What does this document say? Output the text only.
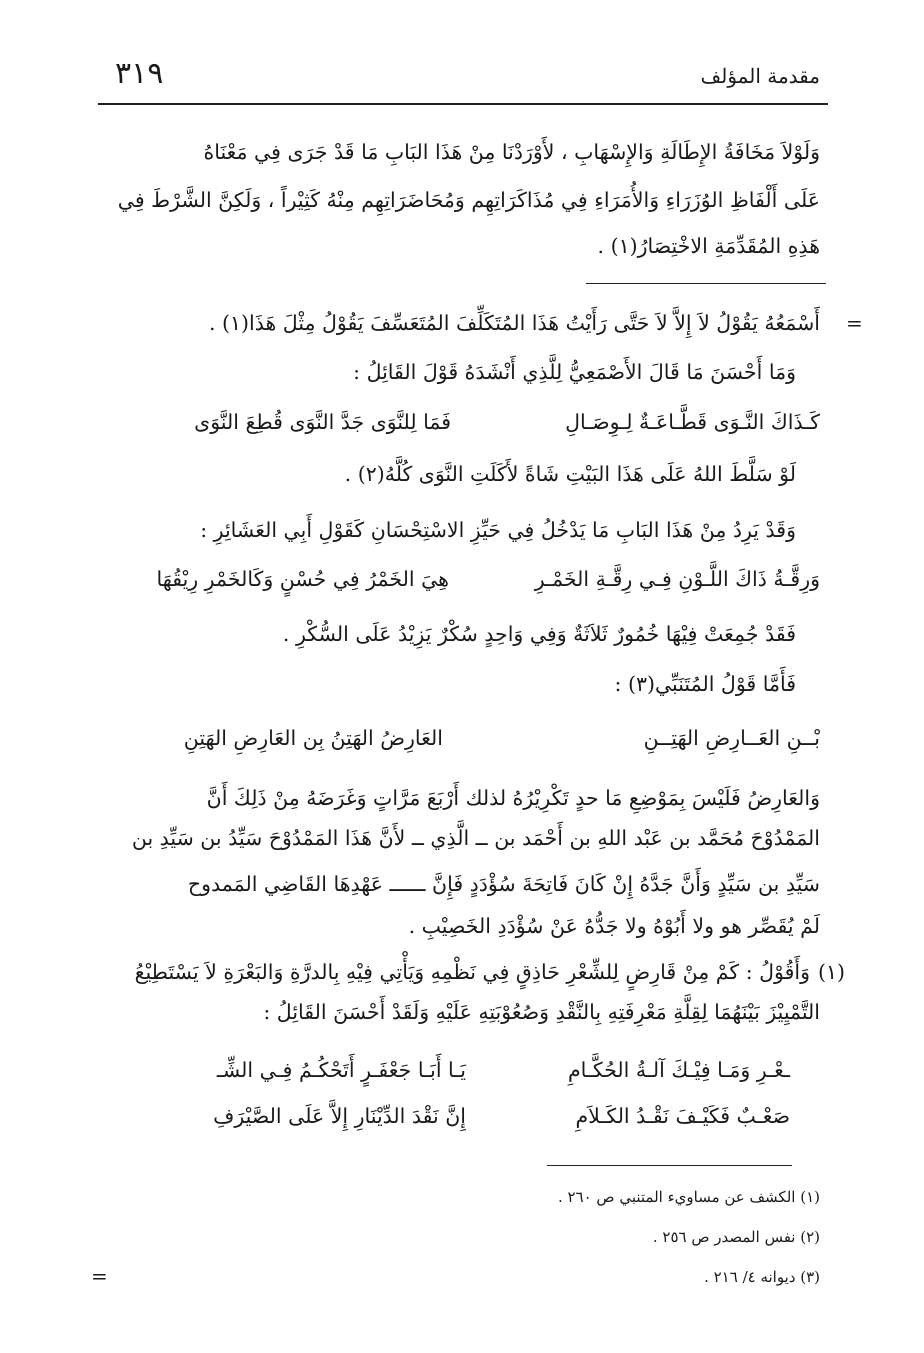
٣١٩	مقدمة المؤلف
وَلَوْلاَ مَخَافَةُ الإِطَالَةِ وَالإِسْهَابِ ، لأَوْرَدْنَا مِنْ هَذَا البَابِ مَا قَدْ جَرَى فِي مَعْنَاهُ
عَلَى أَلْفَاظِ الوُزَرَاءِ وَالأُمَرَاءِ فِي مُذَاكَرَاتِهِم وَمُحَاضَرَاتِهِم مِنْهُ كَثِيْراً ، وَلَكِنَّ الشَّرْطَ فِي
هَذِهِ المُقَدِّمَةِ الاخْتِصَارُ(١) .
=
أَسْمَعُهُ يَقُوْلُ لاَ إِلاَّ لاَ حَتَّى رَأَيْتُ هَذَا المُتَكَلِّفَ المُتَعَسِّفَ يَقُوْلُ مِثْلَ هَذَا(١) .
وَمَا أَحْسَنَ مَا قَالَ الأَصْمَعِيُّ لِلَّذِي أَنْشَدَهُ قَوْلَ القَائِلُ :
فَمَا لِلنَّوَى جَدَّ النَّوَى قُطِعَ النَّوَى	كَـذَاكَ النَّـوَى قَطَّـاعَـةٌ لِـوِصَـالِ
لَوْ سَلَّطَ اللهُ عَلَى هَذَا البَيْتِ شَاةً لأَكَلَتِ النَّوَى كُلَّهُ(٢) .
وَقَدْ يَرِدُ مِنْ هَذَا البَابِ مَا يَدْخُلُ فِي حَيِّزِ الاسْتِحْسَانِ كَقَوْلِ أَبِي العَشَائِرِ :
هِيَ الخَمْرُ فِي حُسْنٍ وَكَالخَمْرِ رِيْقُهَا	وَرِقَّـةُ ذَاكَ اللَّـوْنِ فِـي رِقَّـةِ الخَمْـرِ
فَقَدْ جُمِعَتْ فِيْهَا خُمُورٌ ثَلاَثَةٌ وَفِي وَاحِدٍ سُكْرٌ يَزِيْدُ عَلَى السُّكْرِ .
فَأَمَّا قَوْلُ المُتَنَبِّي(٣) :
العَارِضُ الهَتِنُ بِن العَارِضِ الهَتِنِ	بْــنِ العَــارِضِ الهَتِــنِ
وَالعَارِضُ فَلَيْسَ بِمَوْضِعِ مَا حدٍ تَكْرِيْرُهُ لذلك أَرْبَعَ مَرَّاتٍ وَغَرَضَهُ مِنْ ذَلِكَ أَنَّ
المَمْدُوْحَ مُحَمَّد بن عَبْد اللهِ بن أَحْمَد بن ــ الَّذِي ــ لأَنَّ هَذَا المَمْدُوْحَ سَيِّدُ بن سَيِّدِ بن
سَيِّدِ بن سَيِّدٍ وَأَنَّ جَدَّهُ إِنْ كَانَ فَاتِحَةَ سُؤْدَدٍ فَإِنَّ ــــــ عَهْدِهَا القَاضِي المَمدوح
لَمْ يُقَصِّر هو ولا أَبُوْهُ ولا جَدُّهُ عَنْ سُؤْدَدِ الخَصِيْبِ .
(١)
وَأَقُوْلُ : كَمْ مِنْ قَارِضٍ لِلشِّعْرِ حَاذِقٍ فِي نَظْمِهِ وَيَأْتِي فِيْهِ بِالدرَّةِ وَالبَعْرَةِ لاَ يَسْتَطِيْعُ
التَّمْيِيْزَ بَيْنَهُمَا لِقِلَّةِ مَعْرِفَتِهِ بِالنَّقْدِ وَصُعُوْبَتِهِ عَلَيْهِ وَلَقَدْ أَحْسَنَ القَائِلُ :
يَـا أَبَـا جَعْفَـرٍ أَتَحْكُـمُ فِـي الشِّـ	ـعْـرِ وَمَـا فِيْـكَ آلـةُ الحُكَّـامِ
إِنَّ نَقْدَ الدِّيْنَارِ إِلاَّ عَلَى الصَّيْرَفِ	صَعْـبٌ فَكَيْـفَ نَقْـدُ الكَـلاَمِ
(١) الكشف عن مساويء المتنبي ص ٢٦٠ .
(٢) نفس المصدر ص ٢٥٦ .
(٣) ديوانه ٤/ ٢١٦ .
=
